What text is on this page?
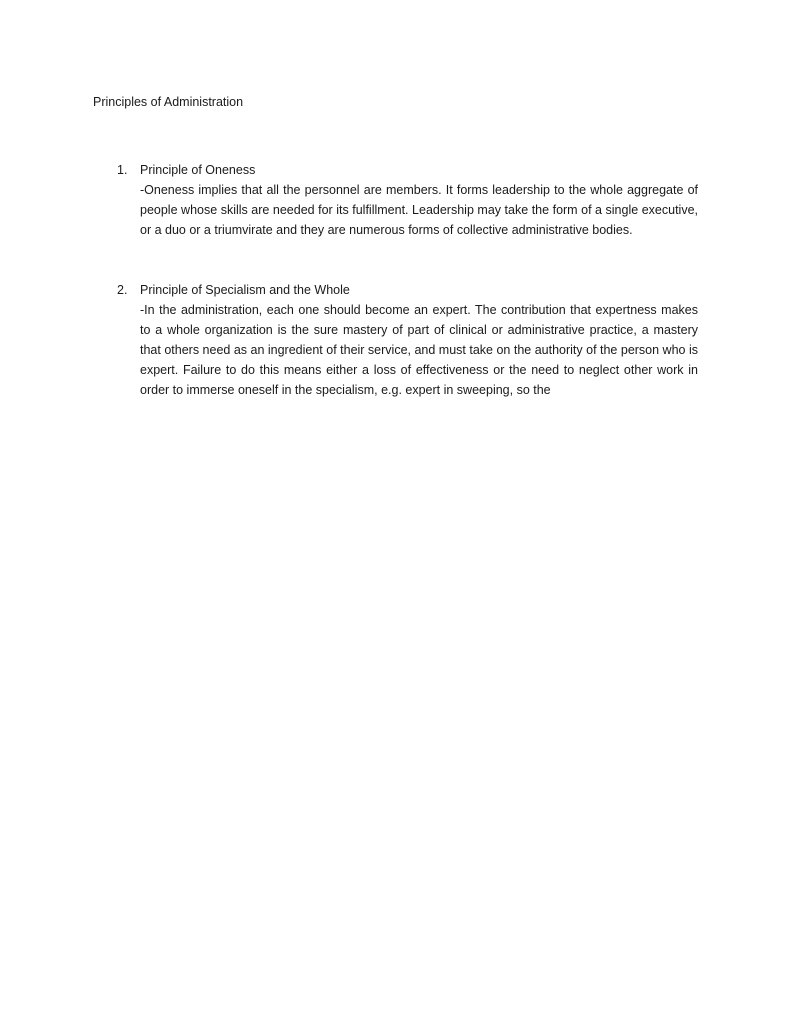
Principles of Administration
1.	Principle of Oneness

-Oneness implies that all the personnel are members. It forms leadership to the whole aggregate of people whose skills are needed for its fulfillment. Leadership may take the form of a single executive, or a duo or a triumvirate and they are numerous forms of collective administrative bodies.

2.	Principle of Specialism and the Whole

-In the administration, each one should become an expert. The contribution that expertness makes to a whole organization is the sure mastery of part of clinical or administrative practice, a mastery that others need as an ingredient of their service, and must take on the authority of the person who is expert. Failure to do this means either a loss of effectiveness or the need to neglect other work in order to immerse oneself in the specialism, e.g. expert in sweeping, so the
